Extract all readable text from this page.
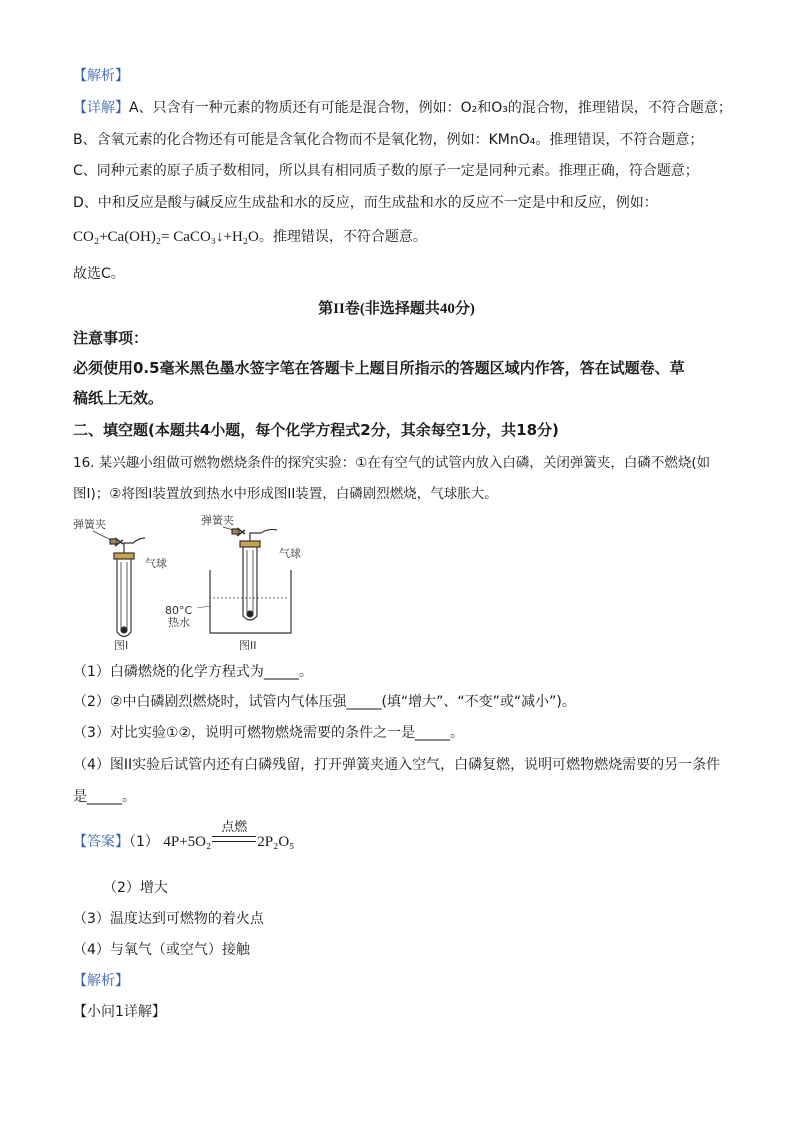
【解析】
【详解】A、只含有一种元素的物质还有可能是混合物，例如：O₂和O₃的混合物，推理错误，不符合题意；
B、含氧元素的化合物还有可能是含氧化合物而不是氧化物，例如：KMnO₄。推理错误，不符合题意；
C、同种元素的原子质子数相同，所以具有相同质子数的原子一定是同种元素。推理正确，符合题意；
D、中和反应是酸与碱反应生成盐和水的反应，而生成盐和水的反应不一定是中和反应，例如：
CO₂+Ca(OH)₂= CaCO₃↓+H₂O。推理错误，不符合题意。
故选C。
第II卷(非选择题共40分)
注意事项：
必须使用0.5毫米黑色墨水签字笔在答题卡上题目所指示的答题区域内作答，答在试题卷、草
稿纸上无效。
二、填空题(本题共4小题，每个化学方程式2分，其余每空1分，共18分)
16. 某兴趣小组做可燃物燃烧条件的探究实验：①在有空气的试管内放入白磷，关闭弹簧夹，白磷不燃烧(如
图I)；②将图I装置放到热水中形成图II装置，白磷剧烈燃烧，气球胀大。
弹簧夹
气球
图I
弹簧夹
气球
80°C
热水
图II
（1）白磷燃烧的化学方程式为_____。
（2）②中白磷剧烈燃烧时，试管内气体压强_____(填“增大”、“不变”或“减小”)。
（3）对比实验①②，说明可燃物燃烧需要的条件之一是_____。
（4）图II实验后试管内还有白磷残留，打开弹簧夹通入空气，白磷复燃，说明可燃物燃烧需要的另一条件
是_____。
【答案】（1） 4P+5O₂
点燃
2P₂O₅
（2）增大
（3）温度达到可燃物的着火点
（4）与氧气（或空气）接触
【解析】
【小问1详解】
